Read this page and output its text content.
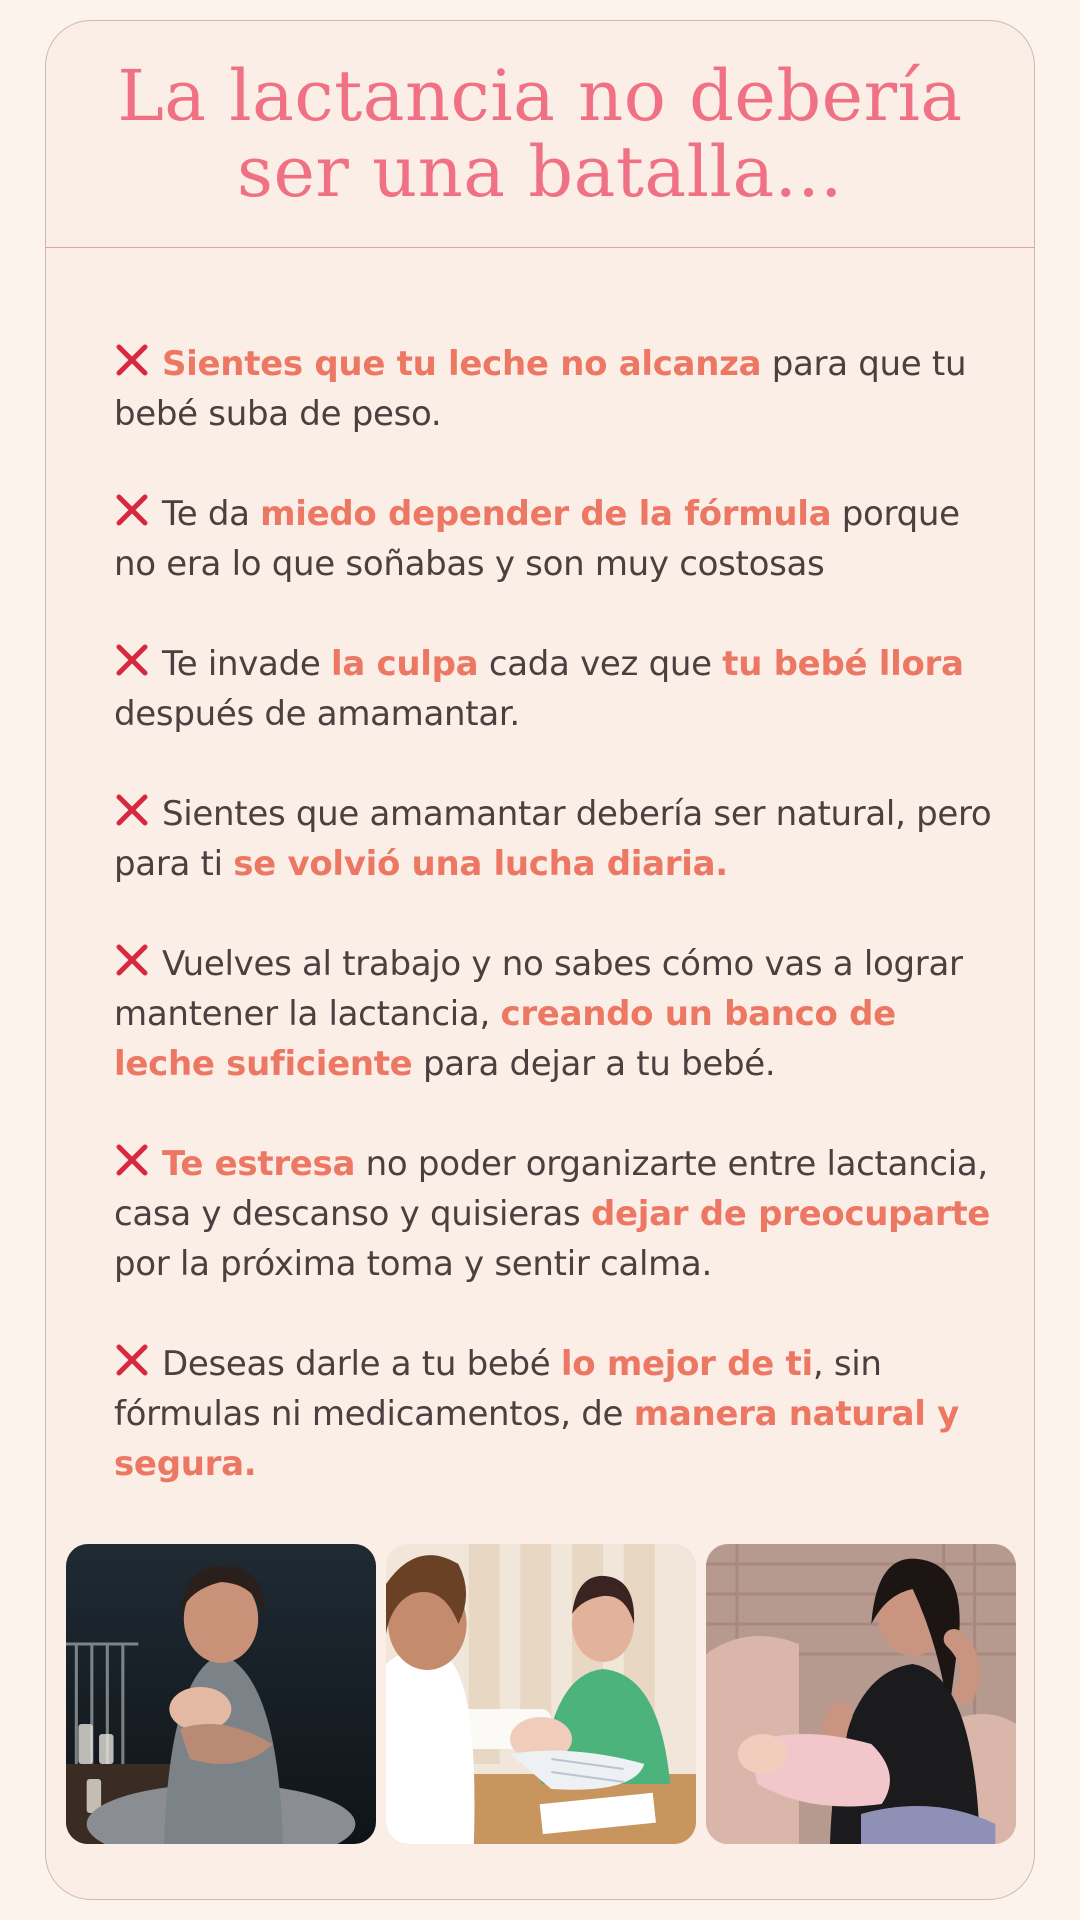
La lactancia no debería
ser una batalla...

Sientes que tu leche no alcanza para que tu bebé suba de peso.

Te da miedo depender de la fórmula porque no era lo que soñabas y son muy costosas

Te invade la culpa cada vez que tu bebé llora después de amamantar.

Sientes que amamantar debería ser natural, pero para ti se volvió una lucha diaria.

Vuelves al trabajo y no sabes cómo vas a lograr mantener la lactancia, creando un banco de leche suficiente para dejar a tu bebé.

Te estresa no poder organizarte entre lactancia, casa y descanso y quisieras dejar de preocuparte por la próxima toma y sentir calma.

Deseas darle a tu bebé lo mejor de ti, sin fórmulas ni medicamentos, de manera natural y segura.
